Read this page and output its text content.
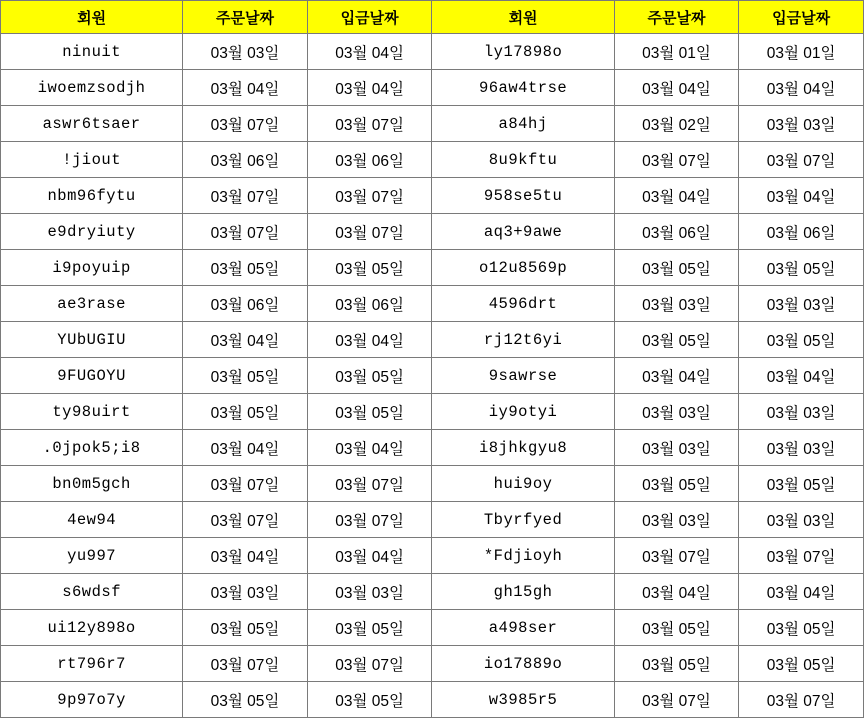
회원	주문날짜	입금날짜	회원	주문날짜	입금날짜
ninuit	03월 03일	03월 04일	ly17898o	03월 01일	03월 01일
iwoemzsodjh	03월 04일	03월 04일	96aw4trse	03월 04일	03월 04일
aswr6tsaer	03월 07일	03월 07일	a84hj	03월 02일	03월 03일
!jiout	03월 06일	03월 06일	8u9kftu	03월 07일	03월 07일
nbm96fytu	03월 07일	03월 07일	958se5tu	03월 04일	03월 04일
e9dryiuty	03월 07일	03월 07일	aq3+9awe	03월 06일	03월 06일
i9poyuip	03월 05일	03월 05일	o12u8569p	03월 05일	03월 05일
ae3rase	03월 06일	03월 06일	4596drt	03월 03일	03월 03일
YUbUGIU	03월 04일	03월 04일	rj12t6yi	03월 05일	03월 05일
9FUGOYU	03월 05일	03월 05일	9sawrse	03월 04일	03월 04일
ty98uirt	03월 05일	03월 05일	iy9otyi	03월 03일	03월 03일
.0jpok5;i8	03월 04일	03월 04일	i8jhkgyu8	03월 03일	03월 03일
bn0m5gch	03월 07일	03월 07일	hui9oy	03월 05일	03월 05일
4ew94	03월 07일	03월 07일	Tbyrfyed	03월 03일	03월 03일
yu997	03월 04일	03월 04일	*Fdjioyh	03월 07일	03월 07일
s6wdsf	03월 03일	03월 03일	gh15gh	03월 04일	03월 04일
ui12y898o	03월 05일	03월 05일	a498ser	03월 05일	03월 05일
rt796r7	03월 07일	03월 07일	io17889o	03월 05일	03월 05일
9p97o7y	03월 05일	03월 05일	w3985r5	03월 07일	03월 07일
